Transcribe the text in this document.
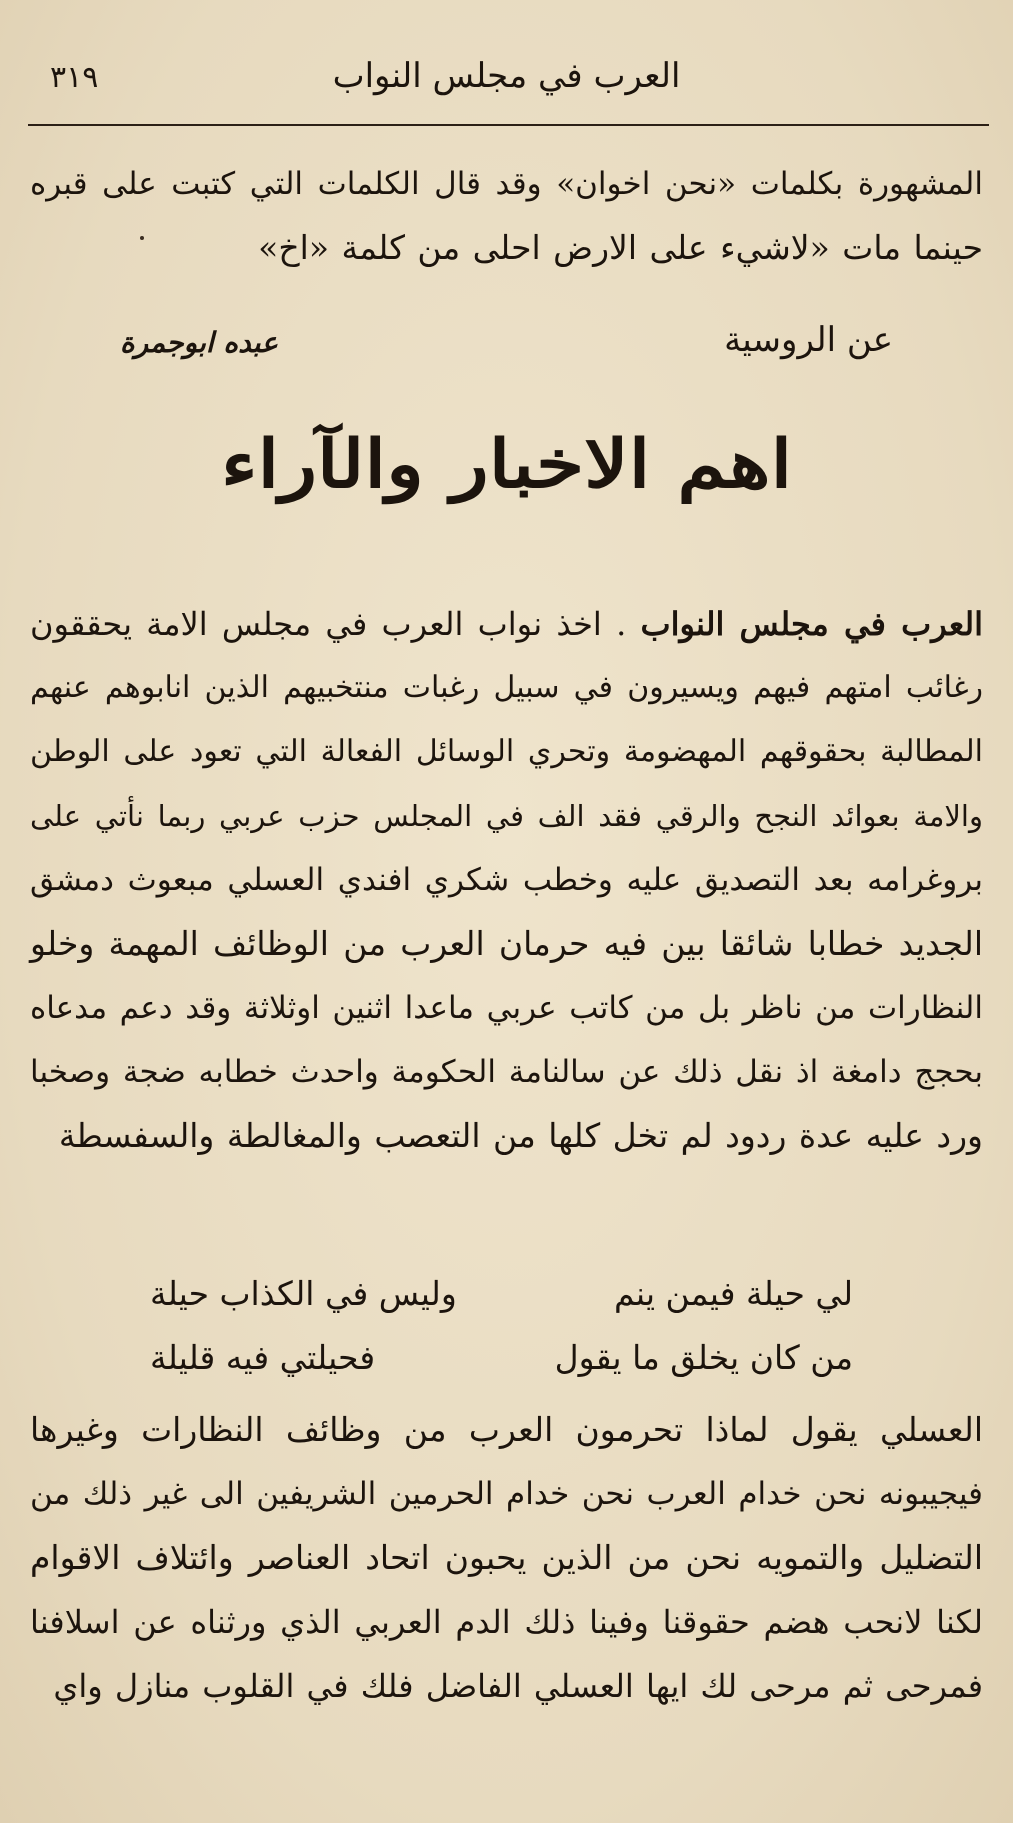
٣١٩	العرب في مجلس النواب
المشهورة بكلمات «نحن اخوان» وقد قال الكلمات التي كتبت على قبره
حينما مات «لاشيء على الارض احلى من كلمة «اخ»
عن الروسية
عبده ابوجمرة
اهم الاخبار والآراء
العرب في مجلس النواب . اخذ نواب العرب في مجلس الامة يحققون
رغائب امتهم فيهم ويسيرون في سبيل رغبات منتخبيهم الذين انابوهم عنهم
المطالبة بحقوقهم المهضومة وتحري الوسائل الفعالة التي تعود على الوطن
والامة بعوائد النجح والرقي فقد الف في المجلس حزب عربي ربما نأتي على
بروغرامه بعد التصديق عليه وخطب شكري افندي العسلي مبعوث دمشق
الجديد خطابا شائقا بين فيه حرمان العرب من الوظائف المهمة وخلو
النظارات من ناظر بل من كاتب عربي ماعدا اثنين اوثلاثة وقد دعم مدعاه
بحجج دامغة اذ نقل ذلك عن سالنامة الحكومة واحدث خطابه ضجة وصخبا
ورد عليه عدة ردود لم تخل كلها من التعصب والمغالطة والسفسطة
لي حيلة فيمن ينم
وليس في الكذاب حيلة
من كان يخلق ما يقول
فحيلتي فيه قليلة
العسلي يقول لماذا تحرمون العرب من وظائف النظارات وغيرها
فيجيبونه نحن خدام العرب نحن خدام الحرمين الشريفين الى غير ذلك من
التضليل والتمويه نحن من الذين يحبون اتحاد العناصر وائتلاف الاقوام
لكنا لانحب هضم حقوقنا وفينا ذلك الدم العربي الذي ورثناه عن اسلافنا
فمرحى ثم مرحى لك ايها العسلي الفاضل فلك في القلوب منازل واي
